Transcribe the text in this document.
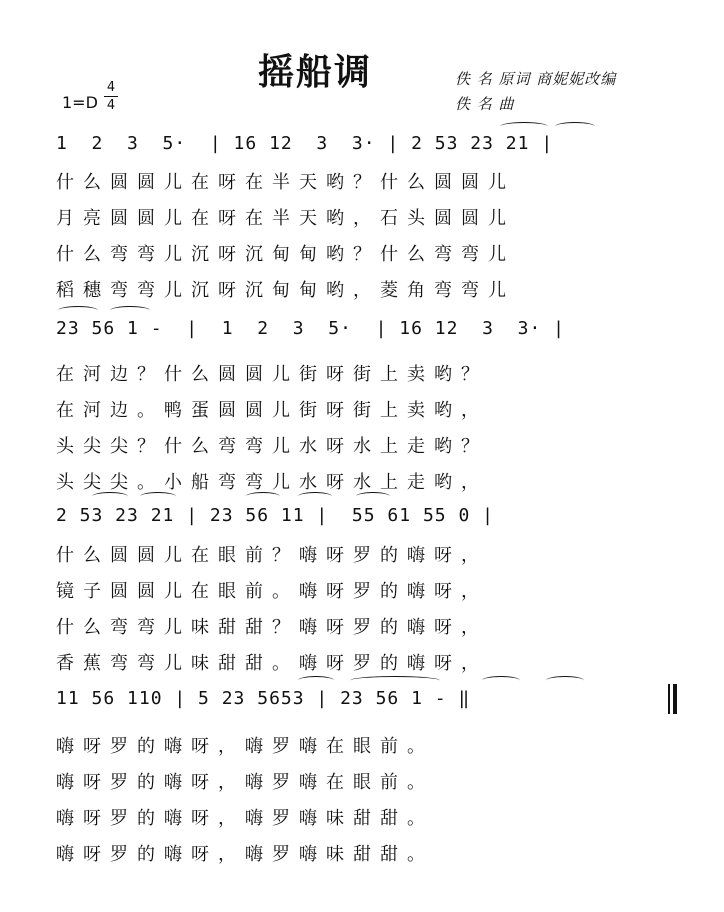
摇船调	佚 名 原词 商妮妮改编
佚 名 曲
1=D
4
4
1  2  3  5·  | 16 12  3  3· | 2 53 23 21 |
什么圆圆儿在呀在半天哟？什么圆圆儿
月亮圆圆儿在呀在半天哟，石头圆圆儿
什么弯弯儿沉呀沉甸甸哟？什么弯弯儿
稻穗弯弯儿沉呀沉甸甸哟，菱角弯弯儿
23 56 1 -  |  1  2  3  5·  | 16 12  3  3· |
在河边？什么圆圆儿街呀街上卖哟？
在河边。鸭蛋圆圆儿街呀街上卖哟，
头尖尖？什么弯弯儿水呀水上走哟？
头尖尖。小船弯弯儿水呀水上走哟，
2 53 23 21 | 23 56 11 |  55 61 55 0 |
什么圆圆儿在眼前？嗨呀罗的嗨呀，
镜子圆圆儿在眼前。嗨呀罗的嗨呀，
什么弯弯儿味甜甜？嗨呀罗的嗨呀，
香蕉弯弯儿味甜甜。嗨呀罗的嗨呀，
11 56 110 | 5 23 5653 | 23 56 1 - ‖
嗨呀罗的嗨呀，嗨罗嗨在眼前。
嗨呀罗的嗨呀，嗨罗嗨在眼前。
嗨呀罗的嗨呀，嗨罗嗨味甜甜。
嗨呀罗的嗨呀，嗨罗嗨味甜甜。
